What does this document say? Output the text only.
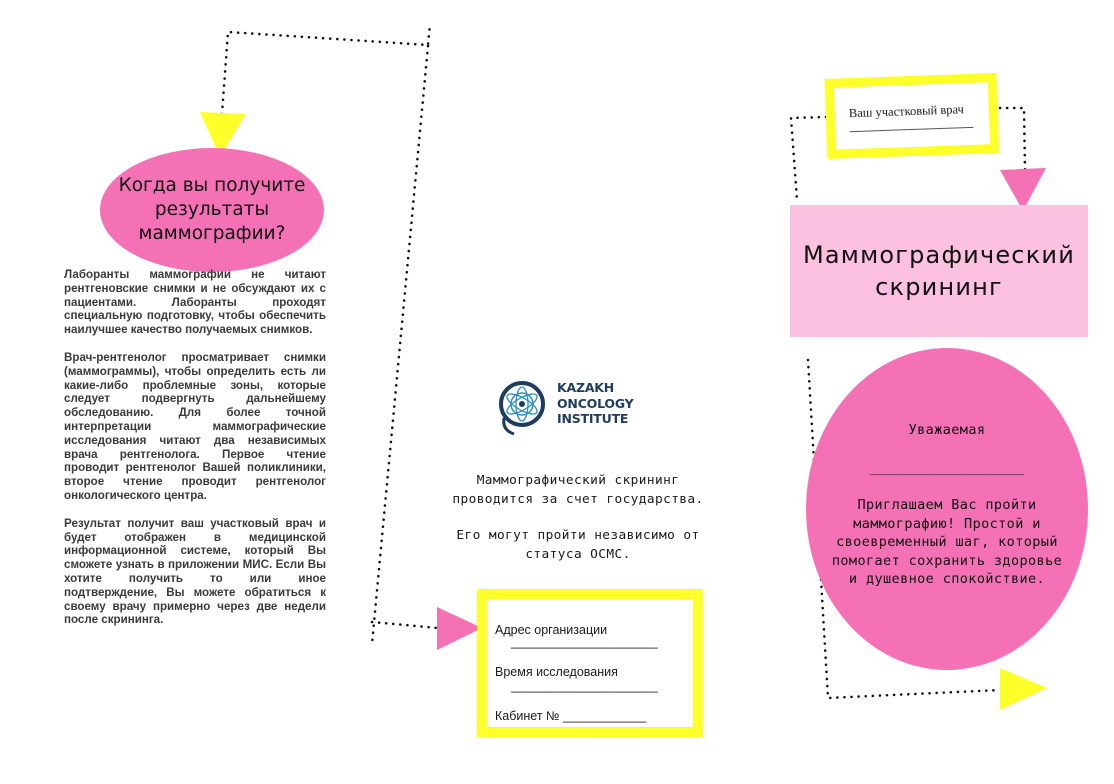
Когда вы получите результаты маммографии?

Лаборанты маммографии не читают рентгеновские снимки и не обсуждают их с пациентами. Лаборанты проходят специальную подготовку, чтобы обеспечить наилучшее качество получаемых снимков.

Врач-рентгенолог просматривает снимки (маммограммы), чтобы определить есть ли какие-либо проблемные зоны, которые следует подвергнуть дальнейшему обследованию. Для более точной интерпретации маммографические исследования читают два независимых врача рентгенолога. Первое чтение проводит рентгенолог Вашей поликлиники, второе чтение проводит рентгенолог онкологического центра.

Результат получит ваш участковый врач и будет отображен в медицинской информационной системе, который Вы сможете узнать в приложении МИС. Если Вы хотите получить то или иное подтверждение, Вы можете обратиться к своему врачу примерно через две недели после скрининга.

KAZAKH
ONCOLOGY
INSTITUTE

Маммографический скрининг проводится за счет государства.

Его могут пройти независимо от статуса ОСМС.

Адрес организации
______________________
Время исследования
______________________
Кабинет № ____________
Ваш участковый врач
Маммографический скрининг
Уважаемая
___________________
Приглашаем Вас пройти маммографию! Простой и своевременный шаг, который помогает сохранить здоровье и душевное спокойствие.
